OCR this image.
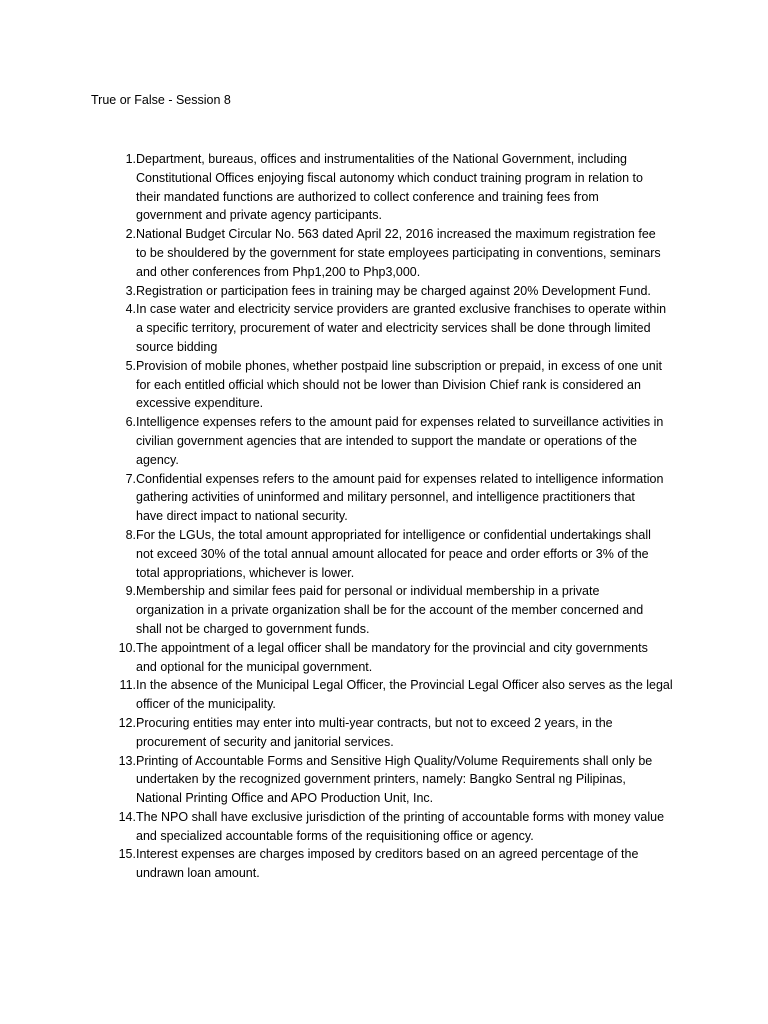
True or False - Session 8
1. Department, bureaus, offices and instrumentalities of the National Government, including
Constitutional Offices enjoying fiscal autonomy which conduct training program in relation to
their mandated functions are authorized to collect conference and training fees from
government and private agency participants.
2. National Budget Circular No. 563 dated April 22, 2016 increased the maximum registration fee
to be shouldered by the government for state employees participating in conventions, seminars
and other conferences from Php1,200 to Php3,000.
3. Registration or participation fees in training may be charged against 20% Development Fund.
4. In case water and electricity service providers are granted exclusive franchises to operate within
a specific territory, procurement of water and electricity services shall be done through limited
source bidding
5. Provision of mobile phones, whether postpaid line subscription or prepaid, in excess of one unit
for each entitled official which should not be lower than Division Chief rank is considered an
excessive expenditure.
6. Intelligence expenses refers to the amount paid for expenses related to surveillance activities in
civilian government agencies that are intended to support the mandate or operations of the
agency.
7. Confidential expenses refers to the amount paid for expenses related to intelligence information
gathering activities of uninformed and military personnel, and intelligence practitioners that
have direct impact to national security.
8. For the LGUs, the total amount appropriated for intelligence or confidential undertakings shall
not exceed 30% of the total annual amount allocated for peace and order efforts or 3% of the
total appropriations, whichever is lower.
9. Membership and similar fees paid for personal or individual membership in a private
organization in a private organization shall be for the account of the member concerned and
shall not be charged to government funds.
10. The appointment of a legal officer shall be mandatory for the provincial and city governments
and optional for the municipal government.
11. In the absence of the Municipal Legal Officer, the Provincial Legal Officer also serves as the legal
officer of the municipality.
12. Procuring entities may enter into multi-year contracts, but not to exceed 2 years, in the
procurement of security and janitorial services.
13. Printing of Accountable Forms and Sensitive High Quality/Volume Requirements shall only be
undertaken by the recognized government printers, namely: Bangko Sentral ng Pilipinas,
National Printing Office and APO Production Unit, Inc.
14. The NPO shall have exclusive jurisdiction of the printing of accountable forms with money value
and specialized accountable forms of the requisitioning office or agency.
15. Interest expenses are charges imposed by creditors based on an agreed percentage of the
undrawn loan amount.
